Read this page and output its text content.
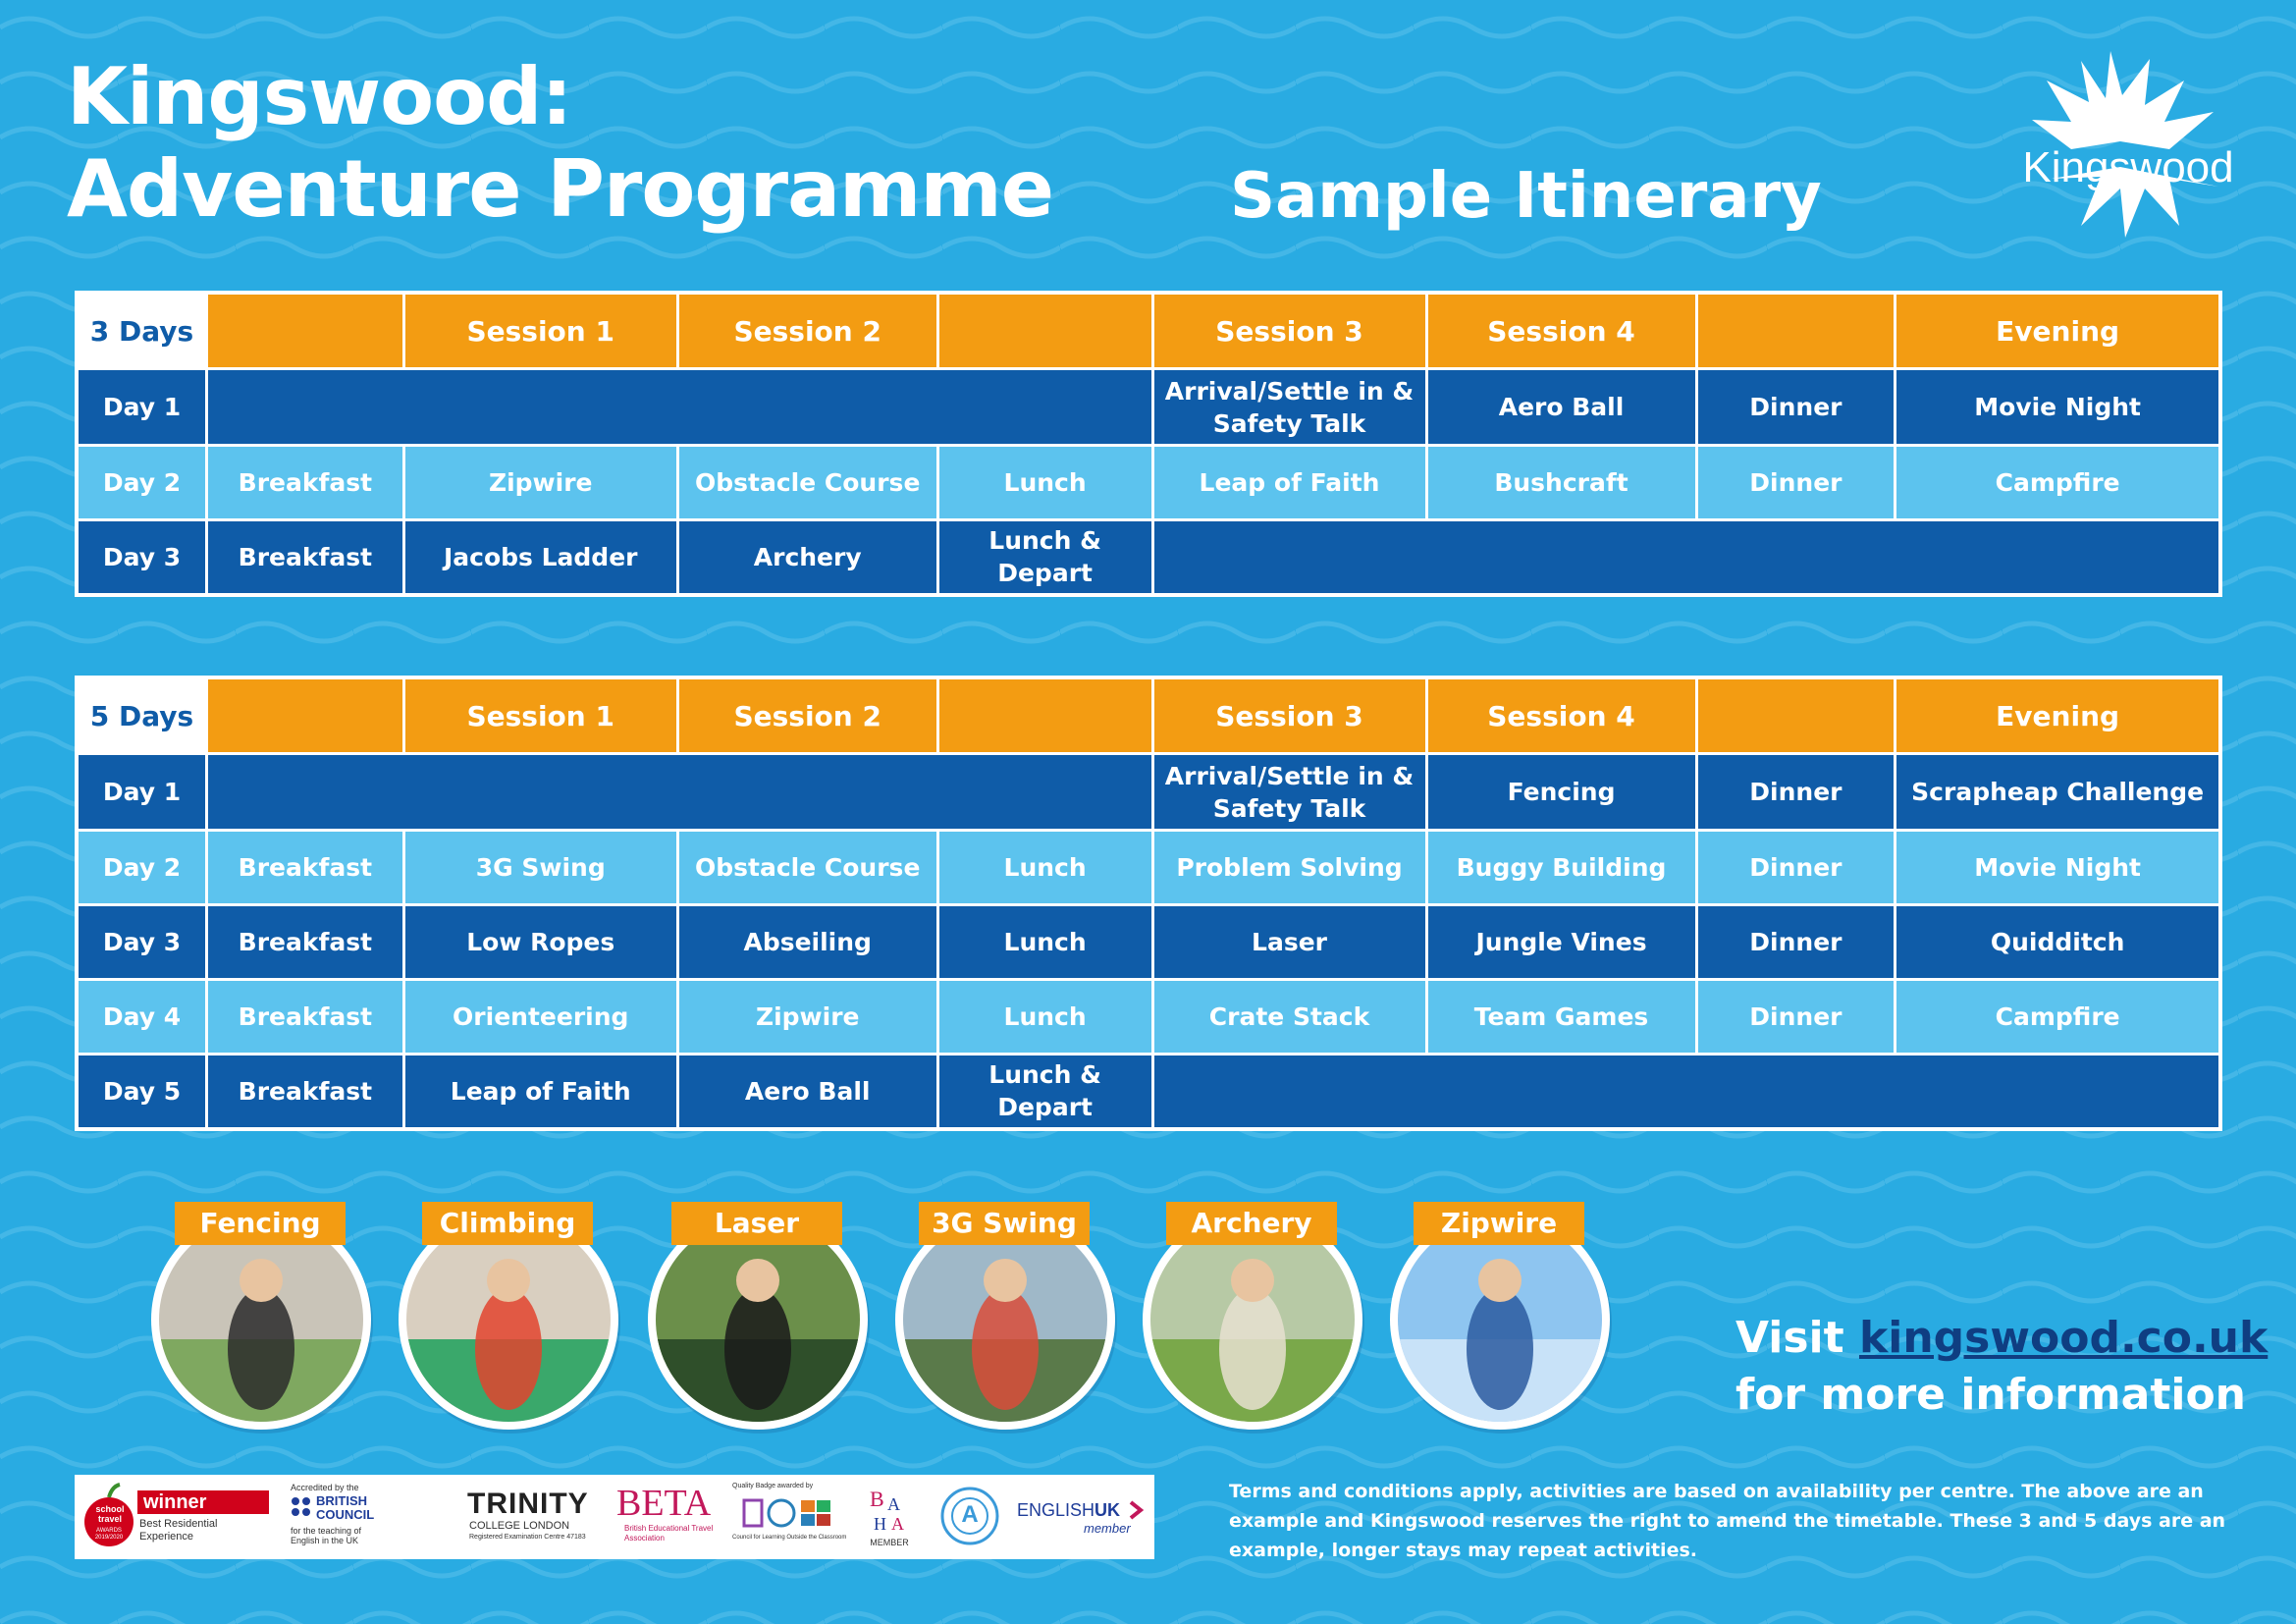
Kingswood:
Adventure Programme	Sample Itinerary	Kingswood
3 Days		Session 1	Session 2		Session 3	Session 4		Evening
Day 1					Arrival/Settle in & Safety Talk	Aero Ball	Dinner	Movie Night
Day 2	Breakfast	Zipwire	Obstacle Course	Lunch	Leap of Faith	Bushcraft	Dinner	Campfire
Day 3	Breakfast	Jacobs Ladder	Archery	Lunch & Depart				
5 Days		Session 1	Session 2		Session 3	Session 4		Evening
Day 1					Arrival/Settle in & Safety Talk	Fencing	Dinner	Scrapheap Challenge
Day 2	Breakfast	3G Swing	Obstacle Course	Lunch	Problem Solving	Buggy Building	Dinner	Movie Night
Day 3	Breakfast	Low Ropes	Abseiling	Lunch	Laser	Jungle Vines	Dinner	Quidditch
Day 4	Breakfast	Orienteering	Zipwire	Lunch	Crate Stack	Team Games	Dinner	Campfire
Day 5	Breakfast	Leap of Faith	Aero Ball	Lunch & Depart				
Fencing	Climbing	Laser	3G Swing	Archery	Zipwire
Visit kingswood.co.uk
for more information
Terms and conditions apply, activities are based on availability per centre. The above are an example and Kingswood reserves the right to amend the timetable. These 3 and 5 days are an example, longer stays may repeat activities.
school travel
AWARDS 2019/2020
winner
Best Residential Experience
Accredited by the
BRITISH
COUNCIL
for the teaching of English in the UK
TRINITY
COLLEGE LONDON
Registered Examination Centre 47183
BETA
British Educational Travel Association
Quality Badge awarded by
Council for Learning Outside the Classroom
B A
H A
MEMBER
A	ENGLISHUK
member
